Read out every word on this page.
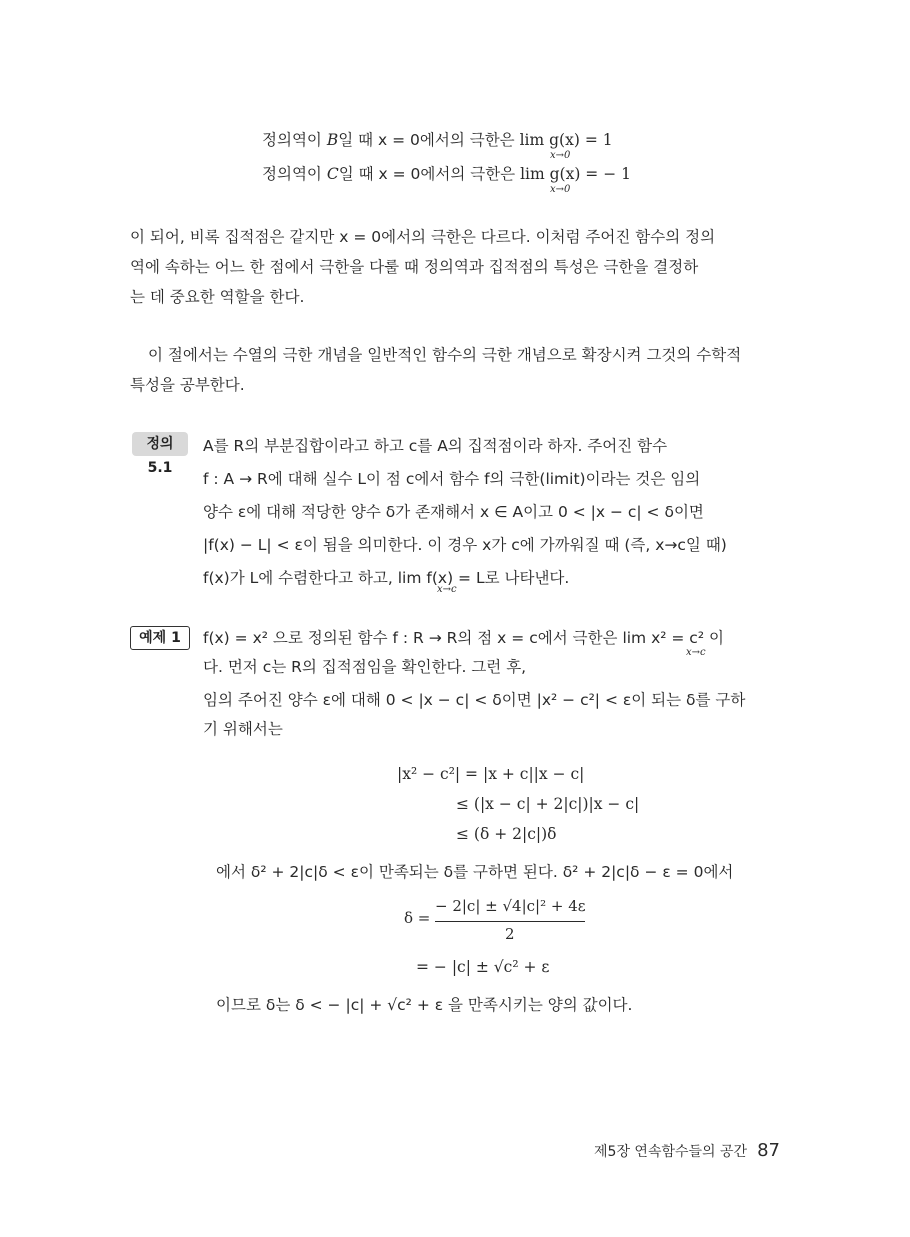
정의역이 B일 때 x = 0에서의 극한은 lim g(x) = 1
x→0
정의역이 C일 때 x = 0에서의 극한은 lim g(x) = − 1
x→0
이 되어, 비록 집적점은 같지만 x = 0에서의 극한은 다르다. 이처럼 주어진 함수의 정의
역에 속하는 어느 한 점에서 극한을 다룰 때 정의역과 집적점의 특성은 극한을 결정하
는 데 중요한 역할을 한다.
이 절에서는 수열의 극한 개념을 일반적인 함수의 극한 개념으로 확장시켜 그것의 수학적
특성을 공부한다.
정의 5.1
A를 R의 부분집합이라고 하고 c를 A의 집적점이라 하자. 주어진 함수
f : A → R에 대해 실수 L이 점 c에서 함수 f의 극한(limit)이라는 것은 임의
양수 ε에 대해 적당한 양수 δ가 존재해서 x ∈ A이고 0 < |x − c| < δ이면
|f(x) − L| < ε이 됨을 의미한다. 이 경우 x가 c에 가까워질 때 (즉, x→c일 때)
f(x)가 L에 수렴한다고 하고, lim f(x) = L로 나타낸다.
x→c
예제 1	f(x) = x² 으로 정의된 함수 f : R → R의 점 x = c에서 극한은 lim x² = c² 이
x→c
다. 먼저 c는 R의 집적점임을 확인한다. 그런 후,
임의 주어진 양수 ε에 대해 0 < |x − c| < δ이면 |x² − c²| < ε이 되는 δ를 구하
기 위해서는
|x² − c²| = |x + c||x − c|
≤ (|x − c| + 2|c|)|x − c|
≤ (δ + 2|c|)δ
에서 δ² + 2|c|δ < ε이 만족되는 δ를 구하면 된다. δ² + 2|c|δ − ε = 0에서
δ =
− 2|c| ± √4|c|² + 4ε
2
= − |c| ± √c² + ε
이므로 δ는 δ < − |c| + √c² + ε 을 만족시키는 양의 값이다.
제5장 연속함수들의 공간 87
